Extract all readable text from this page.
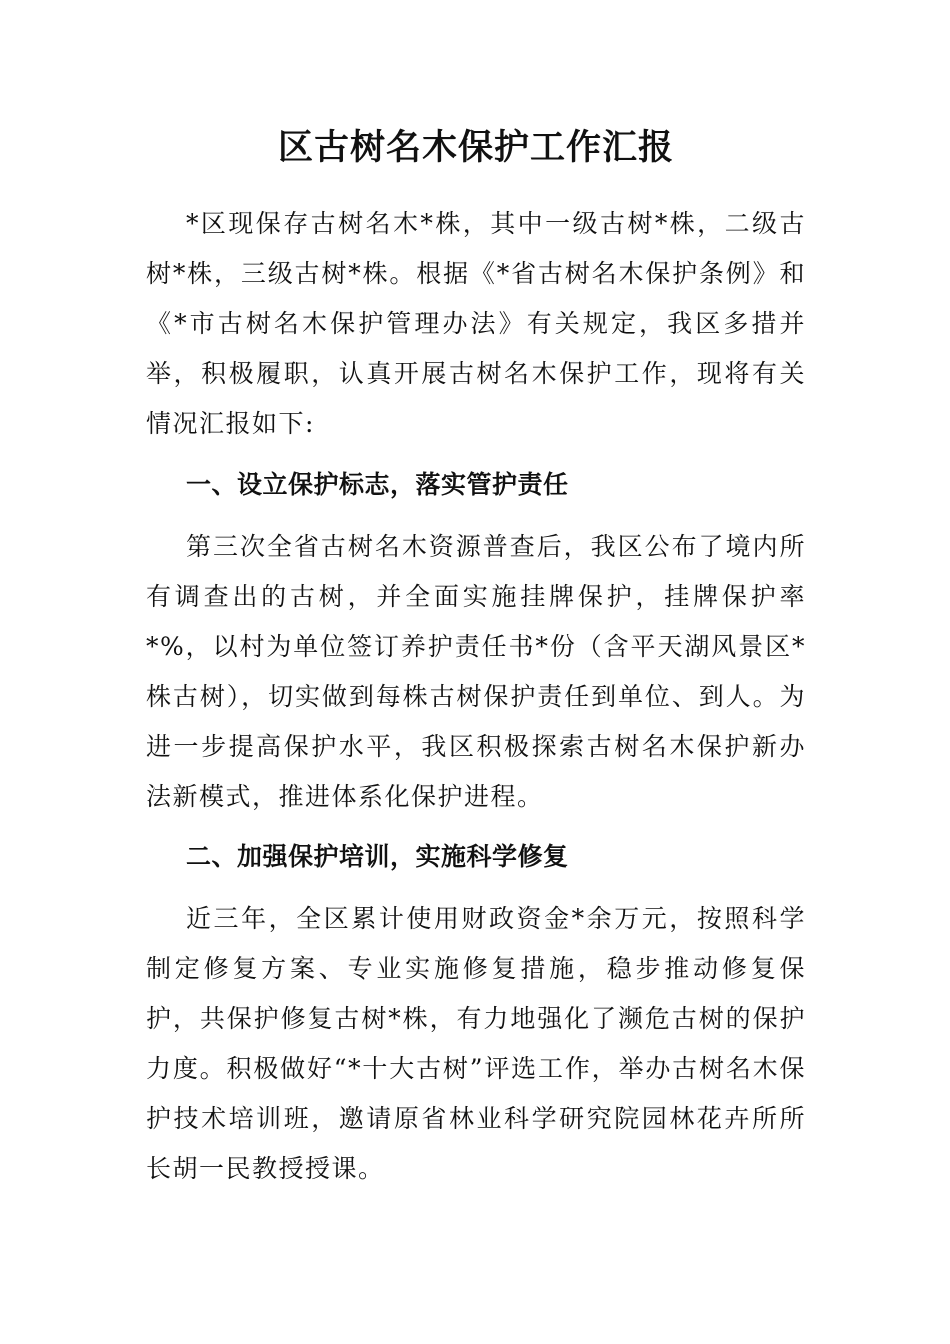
区古树名木保护工作汇报

*区现保存古树名木*株，其中一级古树*株，二级古树*株，三级古树*株。根据《*省古树名木保护条例》和《*市古树名木保护管理办法》有关规定，我区多措并举，积极履职，认真开展古树名木保护工作，现将有关情况汇报如下:

一、设立保护标志，落实管护责任

第三次全省古树名木资源普查后，我区公布了境内所有调查出的古树，并全面实施挂牌保护，挂牌保护率*%，以村为单位签订养护责任书*份（含平天湖风景区*株古树），切实做到每株古树保护责任到单位、到人。为进一步提高保护水平，我区积极探索古树名木保护新办法新模式，推进体系化保护进程。

二、加强保护培训，实施科学修复

近三年，全区累计使用财政资金*余万元，按照科学制定修复方案、专业实施修复措施，稳步推动修复保护，共保护修复古树*株，有力地强化了濒危古树的保护力度。积极做好“*十大古树”评选工作，举办古树名木保护技术培训班，邀请原省林业科学研究院园林花卉所所长胡一民教授授课。
